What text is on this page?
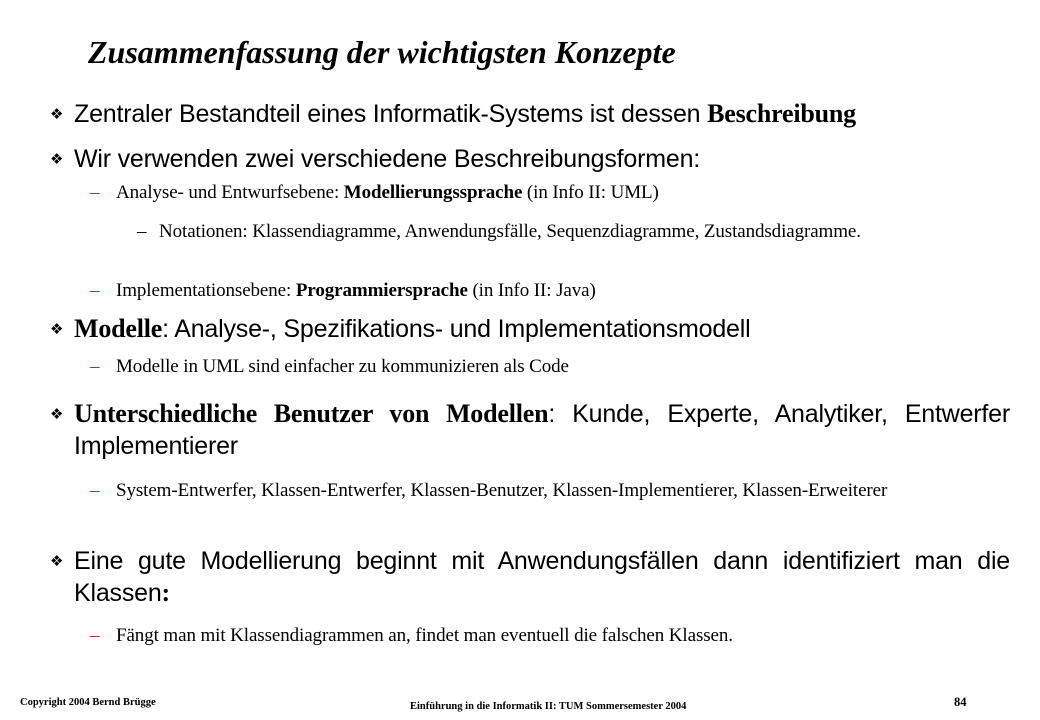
Zusammenfassung der wichtigsten Konzepte
❖ Zentraler Bestandteil eines Informatik-Systems ist dessen Beschreibung
❖ Wir verwenden zwei verschiedene Beschreibungsformen:
– Analyse- und Entwurfsebene: Modellierungssprache (in Info II: UML)
– Notationen: Klassendiagramme, Anwendungsfälle, Sequenzdiagramme, Zustandsdiagramme.
– Implementationsebene: Programmiersprache (in Info II: Java)
❖ Modelle: Analyse-, Spezifikations- und Implementationsmodell
– Modelle in UML sind einfacher zu kommunizieren als Code
❖ Unterschiedliche Benutzer von Modellen: Kunde, Experte, Analytiker, Entwerfer Implementierer
– System-Entwerfer, Klassen-Entwerfer, Klassen-Benutzer, Klassen-Implementierer, Klassen-Erweiterer
❖ Eine gute Modellierung beginnt mit Anwendungsfällen dann identifiziert man die Klassen:
– Fängt man mit Klassendiagrammen an, findet man eventuell die falschen Klassen.
Copyright 2004 Bernd Brügge	Einführung in die Informatik II: TUM Sommersemester 2004	84
